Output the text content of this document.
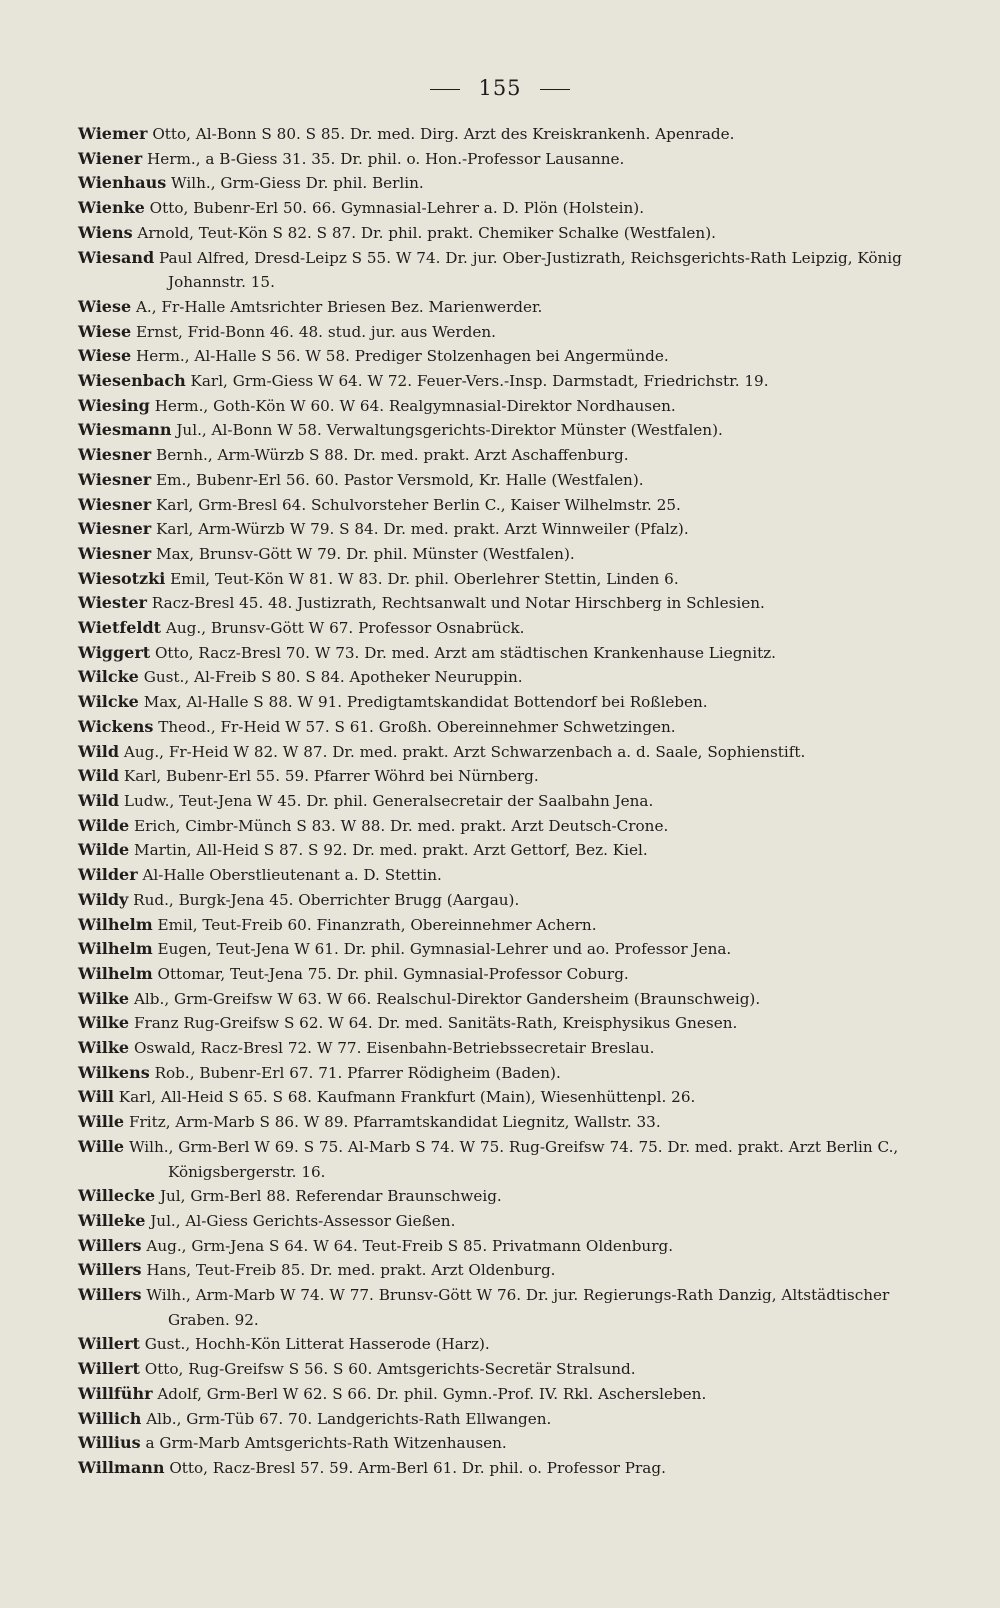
155
Wiemer Otto, Al-Bonn S 80. S 85. Dr. med. Dirg. Arzt des Kreiskrankenh. Apenrade.
Wiener Herm., a B-Giess 31. 35. Dr. phil. o. Hon.-Professor Lausanne.
Wienhaus Wilh., Grm-Giess Dr. phil. Berlin.
Wienke Otto, Bubenr-Erl 50. 66. Gymnasial-Lehrer a. D. Plön (Holstein).
Wiens Arnold, Teut-Kön S 82. S 87. Dr. phil. prakt. Chemiker Schalke (Westfalen).
Wiesand Paul Alfred, Dresd-Leipz S 55. W 74. Dr. jur. Ober-Justizrath, Reichsgerichts-Rath Leipzig, König Johannstr. 15.
Wiese A., Fr-Halle Amtsrichter Briesen Bez. Marienwerder.
Wiese Ernst, Frid-Bonn 46. 48. stud. jur. aus Werden.
Wiese Herm., Al-Halle S 56. W 58. Prediger Stolzenhagen bei Angermünde.
Wiesenbach Karl, Grm-Giess W 64. W 72. Feuer-Vers.-Insp. Darmstadt, Friedrichstr. 19.
Wiesing Herm., Goth-Kön W 60. W 64. Realgymnasial-Direktor Nordhausen.
Wiesmann Jul., Al-Bonn W 58. Verwaltungsgerichts-Direktor Münster (Westfalen).
Wiesner Bernh., Arm-Würzb S 88. Dr. med. prakt. Arzt Aschaffenburg.
Wiesner Em., Bubenr-Erl 56. 60. Pastor Versmold, Kr. Halle (Westfalen).
Wiesner Karl, Grm-Bresl 64. Schulvorsteher Berlin C., Kaiser Wilhelmstr. 25.
Wiesner Karl, Arm-Würzb W 79. S 84. Dr. med. prakt. Arzt Winnweiler (Pfalz).
Wiesner Max, Brunsv-Gött W 79. Dr. phil. Münster (Westfalen).
Wiesotzki Emil, Teut-Kön W 81. W 83. Dr. phil. Oberlehrer Stettin, Linden 6.
Wiester Racz-Bresl 45. 48. Justizrath, Rechtsanwalt und Notar Hirschberg in Schlesien.
Wietfeldt Aug., Brunsv-Gött W 67. Professor Osnabrück.
Wiggert Otto, Racz-Bresl 70. W 73. Dr. med. Arzt am städtischen Krankenhause Liegnitz.
Wilcke Gust., Al-Freib S 80. S 84. Apotheker Neuruppin.
Wilcke Max, Al-Halle S 88. W 91. Predigtamtskandidat Bottendorf bei Roßleben.
Wickens Theod., Fr-Heid W 57. S 61. Großh. Obereinnehmer Schwetzingen.
Wild Aug., Fr-Heid W 82. W 87. Dr. med. prakt. Arzt Schwarzenbach a. d. Saale, Sophienstift.
Wild Karl, Bubenr-Erl 55. 59. Pfarrer Wöhrd bei Nürnberg.
Wild Ludw., Teut-Jena W 45. Dr. phil. Generalsecretair der Saalbahn Jena.
Wilde Erich, Cimbr-Münch S 83. W 88. Dr. med. prakt. Arzt Deutsch-Crone.
Wilde Martin, All-Heid S 87. S 92. Dr. med. prakt. Arzt Gettorf, Bez. Kiel.
Wilder Al-Halle Oberstlieutenant a. D. Stettin.
Wildy Rud., Burgk-Jena 45. Oberrichter Brugg (Aargau).
Wilhelm Emil, Teut-Freib 60. Finanzrath, Obereinnehmer Achern.
Wilhelm Eugen, Teut-Jena W 61. Dr. phil. Gymnasial-Lehrer und ao. Professor Jena.
Wilhelm Ottomar, Teut-Jena 75. Dr. phil. Gymnasial-Professor Coburg.
Wilke Alb., Grm-Greifsw W 63. W 66. Realschul-Direktor Gandersheim (Braunschweig).
Wilke Franz Rug-Greifsw S 62. W 64. Dr. med. Sanitäts-Rath, Kreisphysikus Gnesen.
Wilke Oswald, Racz-Bresl 72. W 77. Eisenbahn-Betriebssecretair Breslau.
Wilkens Rob., Bubenr-Erl 67. 71. Pfarrer Rödigheim (Baden).
Will Karl, All-Heid S 65. S 68. Kaufmann Frankfurt (Main), Wiesenhüttenpl. 26.
Wille Fritz, Arm-Marb S 86. W 89. Pfarramtskandidat Liegnitz, Wallstr. 33.
Wille Wilh., Grm-Berl W 69. S 75. Al-Marb S 74. W 75. Rug-Greifsw 74. 75. Dr. med. prakt. Arzt Berlin C., Königsbergerstr. 16.
Willecke Jul, Grm-Berl 88. Referendar Braunschweig.
Willeke Jul., Al-Giess Gerichts-Assessor Gießen.
Willers Aug., Grm-Jena S 64. W 64. Teut-Freib S 85. Privatmann Oldenburg.
Willers Hans, Teut-Freib 85. Dr. med. prakt. Arzt Oldenburg.
Willers Wilh., Arm-Marb W 74. W 77. Brunsv-Gött W 76. Dr. jur. Regierungs-Rath Danzig, Altstädtischer Graben. 92.
Willert Gust., Hochh-Kön Litterat Hasserode (Harz).
Willert Otto, Rug-Greifsw S 56. S 60. Amtsgerichts-Secretär Stralsund.
Willführ Adolf, Grm-Berl W 62. S 66. Dr. phil. Gymn.-Prof. IV. Rkl. Aschersleben.
Willich Alb., Grm-Tüb 67. 70. Landgerichts-Rath Ellwangen.
Willius a Grm-Marb Amtsgerichts-Rath Witzenhausen.
Willmann Otto, Racz-Bresl 57. 59. Arm-Berl 61. Dr. phil. o. Professor Prag.
